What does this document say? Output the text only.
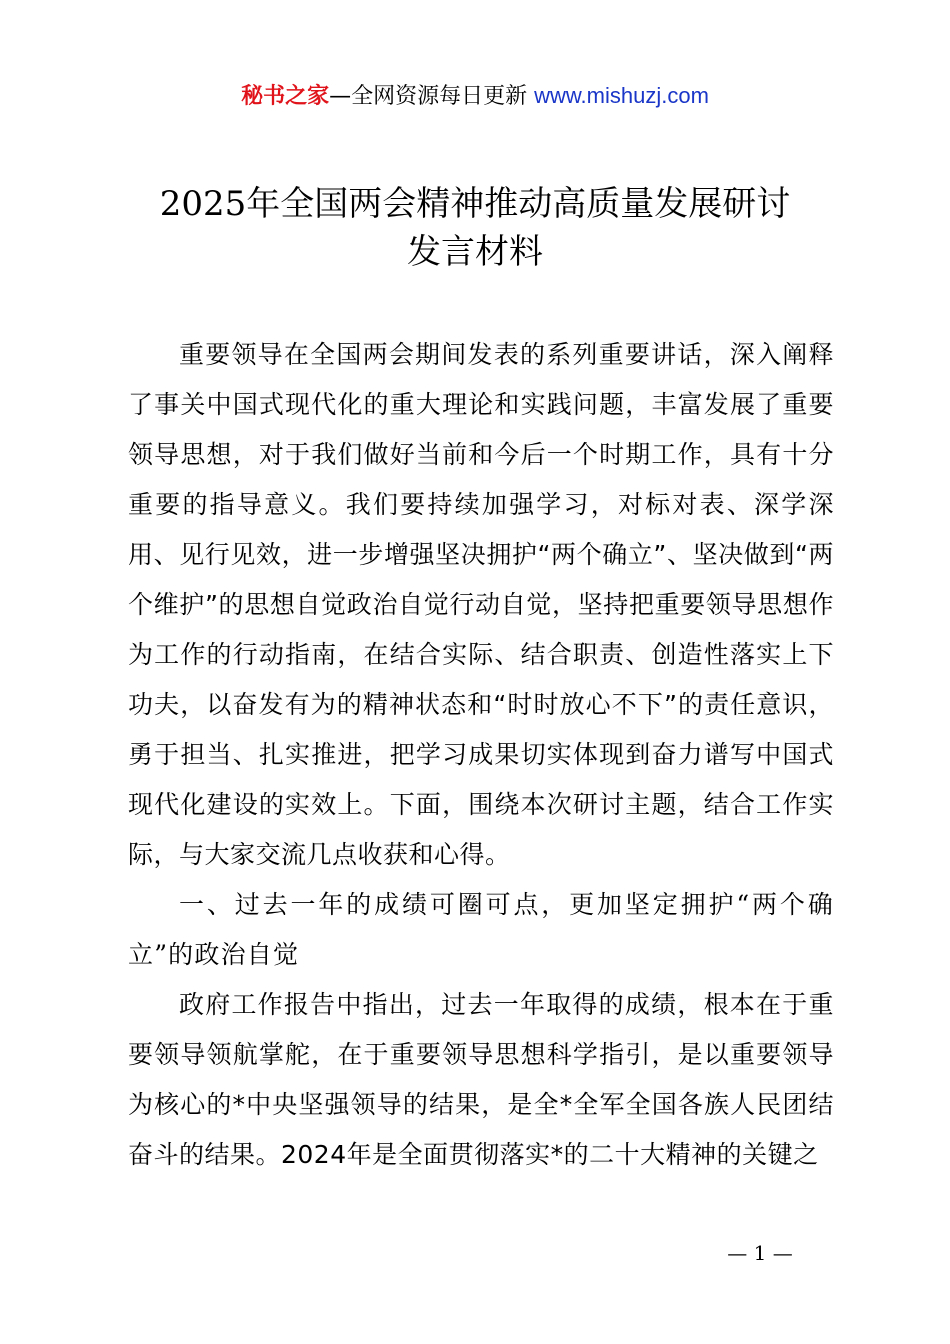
秘书之家—全网资源每日更新 www.mishuzj.com
2025年全国两会精神推动高质量发展研讨
发言材料

重要领导在全国两会期间发表的系列重要讲话，深入阐释了事关中国式现代化的重大理论和实践问题，丰富发展了重要领导思想，对于我们做好当前和今后一个时期工作，具有十分重要的指导意义。我们要持续加强学习，对标对表、深学深用、见行见效，进一步增强坚决拥护“两个确立”、坚决做到“两个维护”的思想自觉政治自觉行动自觉，坚持把重要领导思想作为工作的行动指南，在结合实际、结合职责、创造性落实上下功夫，以奋发有为的精神状态和“时时放心不下”的责任意识，勇于担当、扎实推进，把学习成果切实体现到奋力谱写中国式现代化建设的实效上。下面，围绕本次研讨主题，结合工作实际，与大家交流几点收获和心得。

一、过去一年的成绩可圈可点，更加坚定拥护“两个确立”的政治自觉

政府工作报告中指出，过去一年取得的成绩，根本在于重要领导领航掌舵，在于重要领导思想科学指引，是以重要领导为核心的*中央坚强领导的结果，是全*全军全国各族人民团结奋斗的结果。2024年是全面贯彻落实*的二十大精神的关键之

— 1 —
